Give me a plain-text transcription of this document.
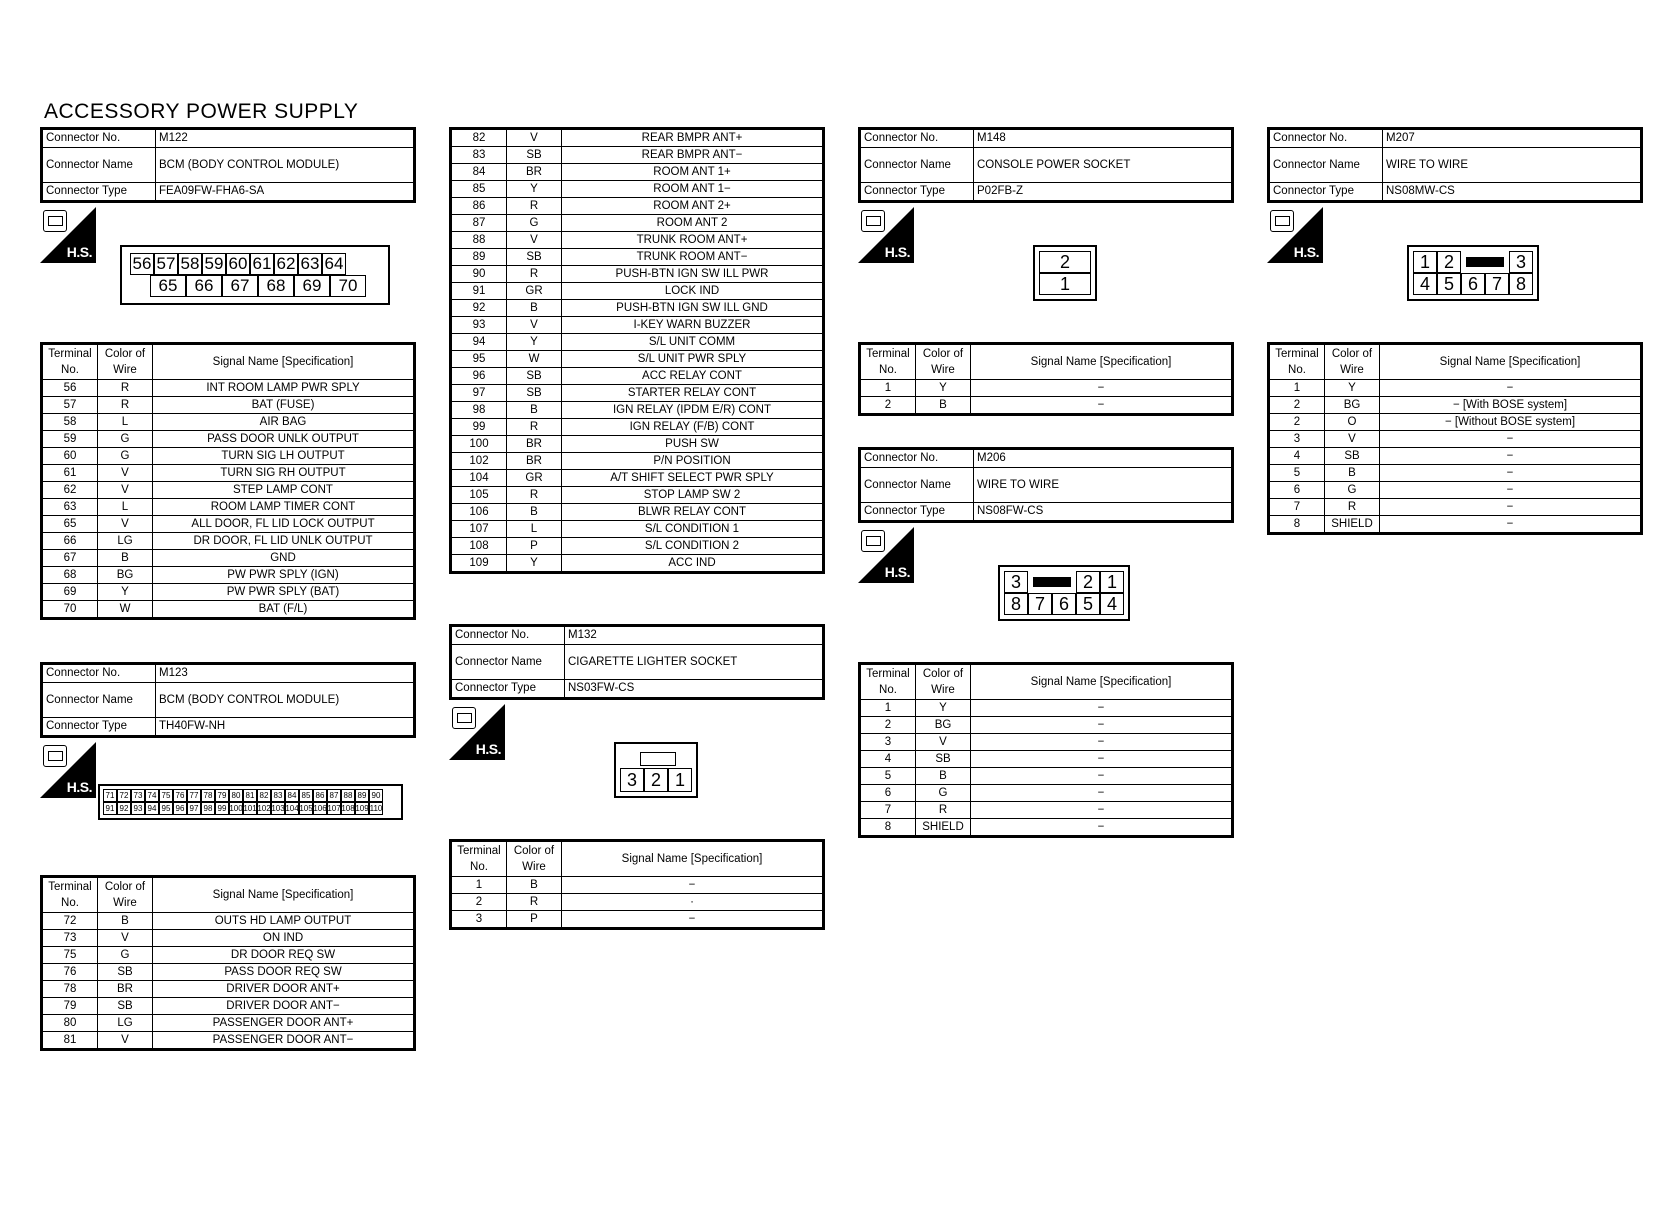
ACCESSORY POWER SUPPLY
Connector No.	M122
Connector Name	BCM (BODY CONTROL MODULE)
Connector Type	FEA09FW-FHA6-SA
H.S.
56 57 58 59 60 61 62 63 64
65	66	67	68	69	70
Terminal No.	Color of Wire	Signal Name [Specification]
56	R	INT ROOM LAMP PWR SPLY
57	R	BAT (FUSE)
58	L	AIR BAG
59	G	PASS DOOR UNLK OUTPUT
60	G	TURN SIG LH OUTPUT
61	V	TURN SIG RH OUTPUT
62	V	STEP LAMP CONT
63	L	ROOM LAMP TIMER CONT
65	V	ALL DOOR, FL LID LOCK OUTPUT
66	LG	DR DOOR, FL LID UNLK OUTPUT
67	B	GND
68	BG	PW PWR SPLY (IGN)
69	Y	PW PWR SPLY (BAT)
70	W	BAT (F/L)
Connector No.	M123
Connector Name	BCM (BODY CONTROL MODULE)
Connector Type	TH40FW-NH
H.S.
71 72 73 74 75 76 77 78 79 80 81 82 83 84 85 86 87 88 89 90
91 92 93 94 95 96 97 98 99 100 101 102 103 104 105 106 107 108 109 110
Terminal No.	Color of Wire	Signal Name [Specification]
72	B	OUTS HD LAMP OUTPUT
73	V	ON IND
75	G	DR DOOR REQ SW
76	SB	PASS DOOR REQ SW
78	BR	DRIVER DOOR ANT+
79	SB	DRIVER DOOR ANT−
80	LG	PASSENGER DOOR ANT+
81	V	PASSENGER DOOR ANT−
82	V	REAR BMPR ANT+
83	SB	REAR BMPR ANT−
84	BR	ROOM ANT 1+
85	Y	ROOM ANT 1−
86	R	ROOM ANT 2+
87	G	ROOM ANT 2
88	V	TRUNK ROOM ANT+
89	SB	TRUNK ROOM ANT−
90	R	PUSH-BTN IGN SW ILL PWR
91	GR	LOCK IND
92	B	PUSH-BTN IGN SW ILL GND
93	V	I-KEY WARN BUZZER
94	Y	S/L UNIT COMM
95	W	S/L UNIT PWR SPLY
96	SB	ACC RELAY CONT
97	SB	STARTER RELAY CONT
98	B	IGN RELAY (IPDM E/R) CONT
99	R	IGN RELAY (F/B) CONT
100	BR	PUSH SW
102	BR	P/N POSITION
104	GR	A/T SHIFT SELECT PWR SPLY
105	R	STOP LAMP SW 2
106	B	BLWR RELAY CONT
107	L	S/L CONDITION 1
108	P	S/L CONDITION 2
109	Y	ACC IND
Connector No.	M132
Connector Name	CIGARETTE LIGHTER SOCKET
Connector Type	NS03FW-CS
H.S.
3 2 1
Terminal No.	Color of Wire	Signal Name [Specification]
1	B	−
2	R	·
3	P	−
Connector No.	M148
Connector Name	CONSOLE POWER SOCKET
Connector Type	P02FB-Z
H.S.	2
1
Terminal No.	Color of Wire	Signal Name [Specification]
1	Y	−
2	B	−
Connector No.	M206
Connector Name	WIRE TO WIRE
Connector Type	NS08FW-CS
H.S.	3	2 1
8 7 6 5 4
Terminal No.	Color of Wire	Signal Name [Specification]
1	Y	−
2	BG	−
3	V	−
4	SB	−
5	B	−
6	G	−
7	R	−
8	SHIELD	−
Connector No.	M207
Connector Name	WIRE TO WIRE
Connector Type	NS08MW-CS
H.S.	1 2	3
4 5 6 7 8
Terminal No.	Color of Wire	Signal Name [Specification]
1	Y	−
2	BG	− [With BOSE system]
2	O	− [Without BOSE system]
3	V	−
4	SB	−
5	B	−
6	G	−
7	R	−
8	SHIELD	−
